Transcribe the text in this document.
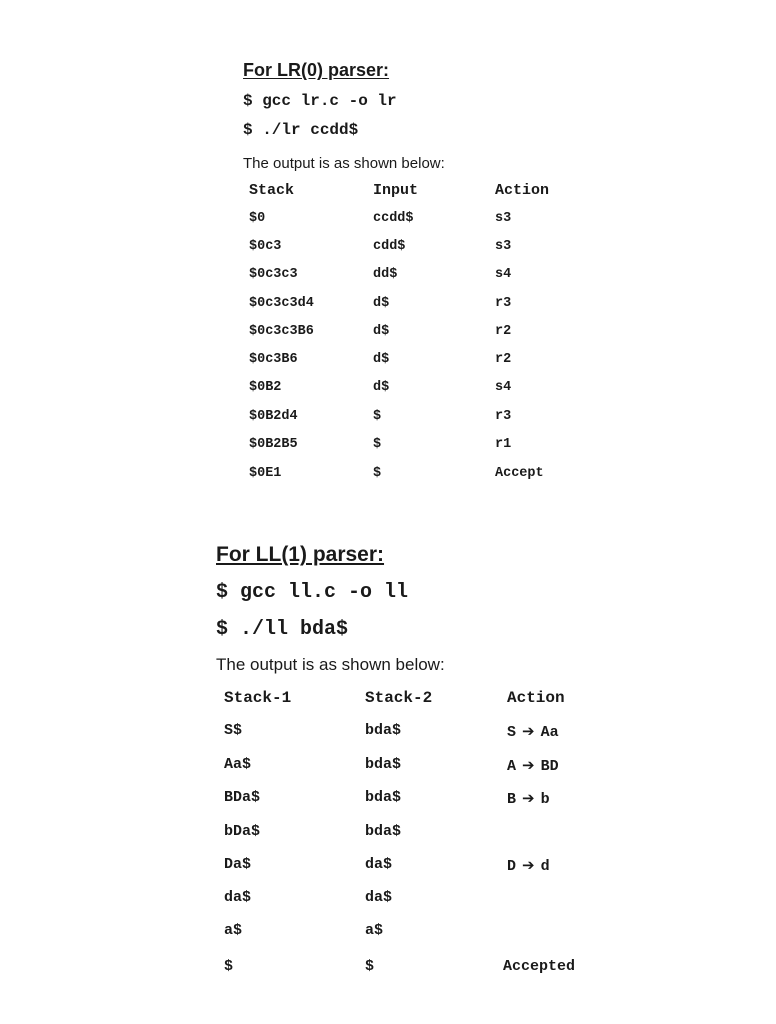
For LR(0) parser:
$ gcc lr.c -o lr
$ ./lr ccdd$
The output is as shown below:
Stack	Input	Action
$0	ccdd$	s3
$0c3	cdd$	s3
$0c3c3	dd$	s4
$0c3c3d4	d$	r3
$0c3c3B6	d$	r2
$0c3B6	d$	r2
$0B2	d$	s4
$0B2d4	$	r3
$0B2B5	$	r1
$0E1	$	Accept
For LL(1) parser:
$ gcc ll.c -o ll
$ ./ll bda$
The output is as shown below:
Stack-1	Stack-2	Action
S$	bda$	S ➔ Aa
Aa$	bda$	A ➔ BD
BDa$	bda$	B ➔ b
bDa$	bda$
Da$	da$	D ➔ d
da$	da$
a$	a$
$	$	Accepted
